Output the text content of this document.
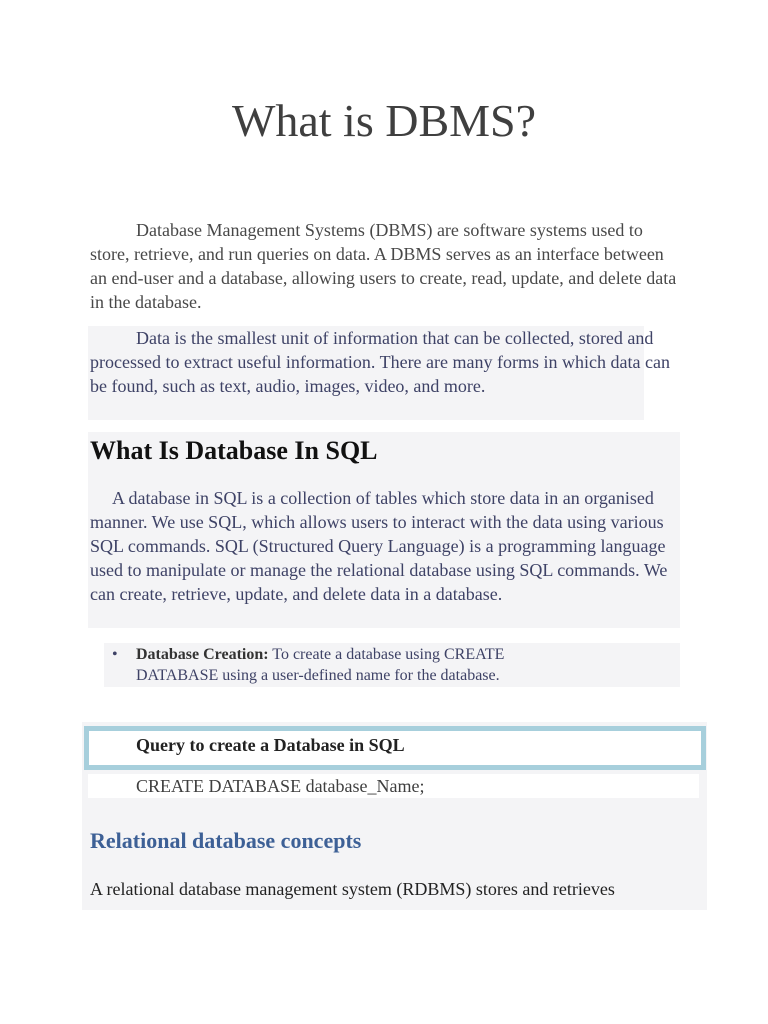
What is DBMS?

Database Management Systems (DBMS) are software systems used to store, retrieve, and run queries on data. A DBMS serves as an interface between an end-user and a database, allowing users to create, read, update, and delete data in the database.

Data is the smallest unit of information that can be collected, stored and processed to extract useful information. There are many forms in which data can be found, such as text, audio, images, video, and more.

What Is Database In SQL

A database in SQL is a collection of tables which store data in an organised manner. We use SQL, which allows users to interact with the data using various SQL commands. SQL (Structured Query Language) is a programming language used to manipulate or manage the relational database using SQL commands. We can create, retrieve, update, and delete data in a database.

• Database Creation: To create a database using CREATE DATABASE using a user-defined name for the database.
Query to create a Database in SQL
CREATE DATABASE database_Name;
Relational database concepts
A relational database management system (RDBMS) stores and retrieves
